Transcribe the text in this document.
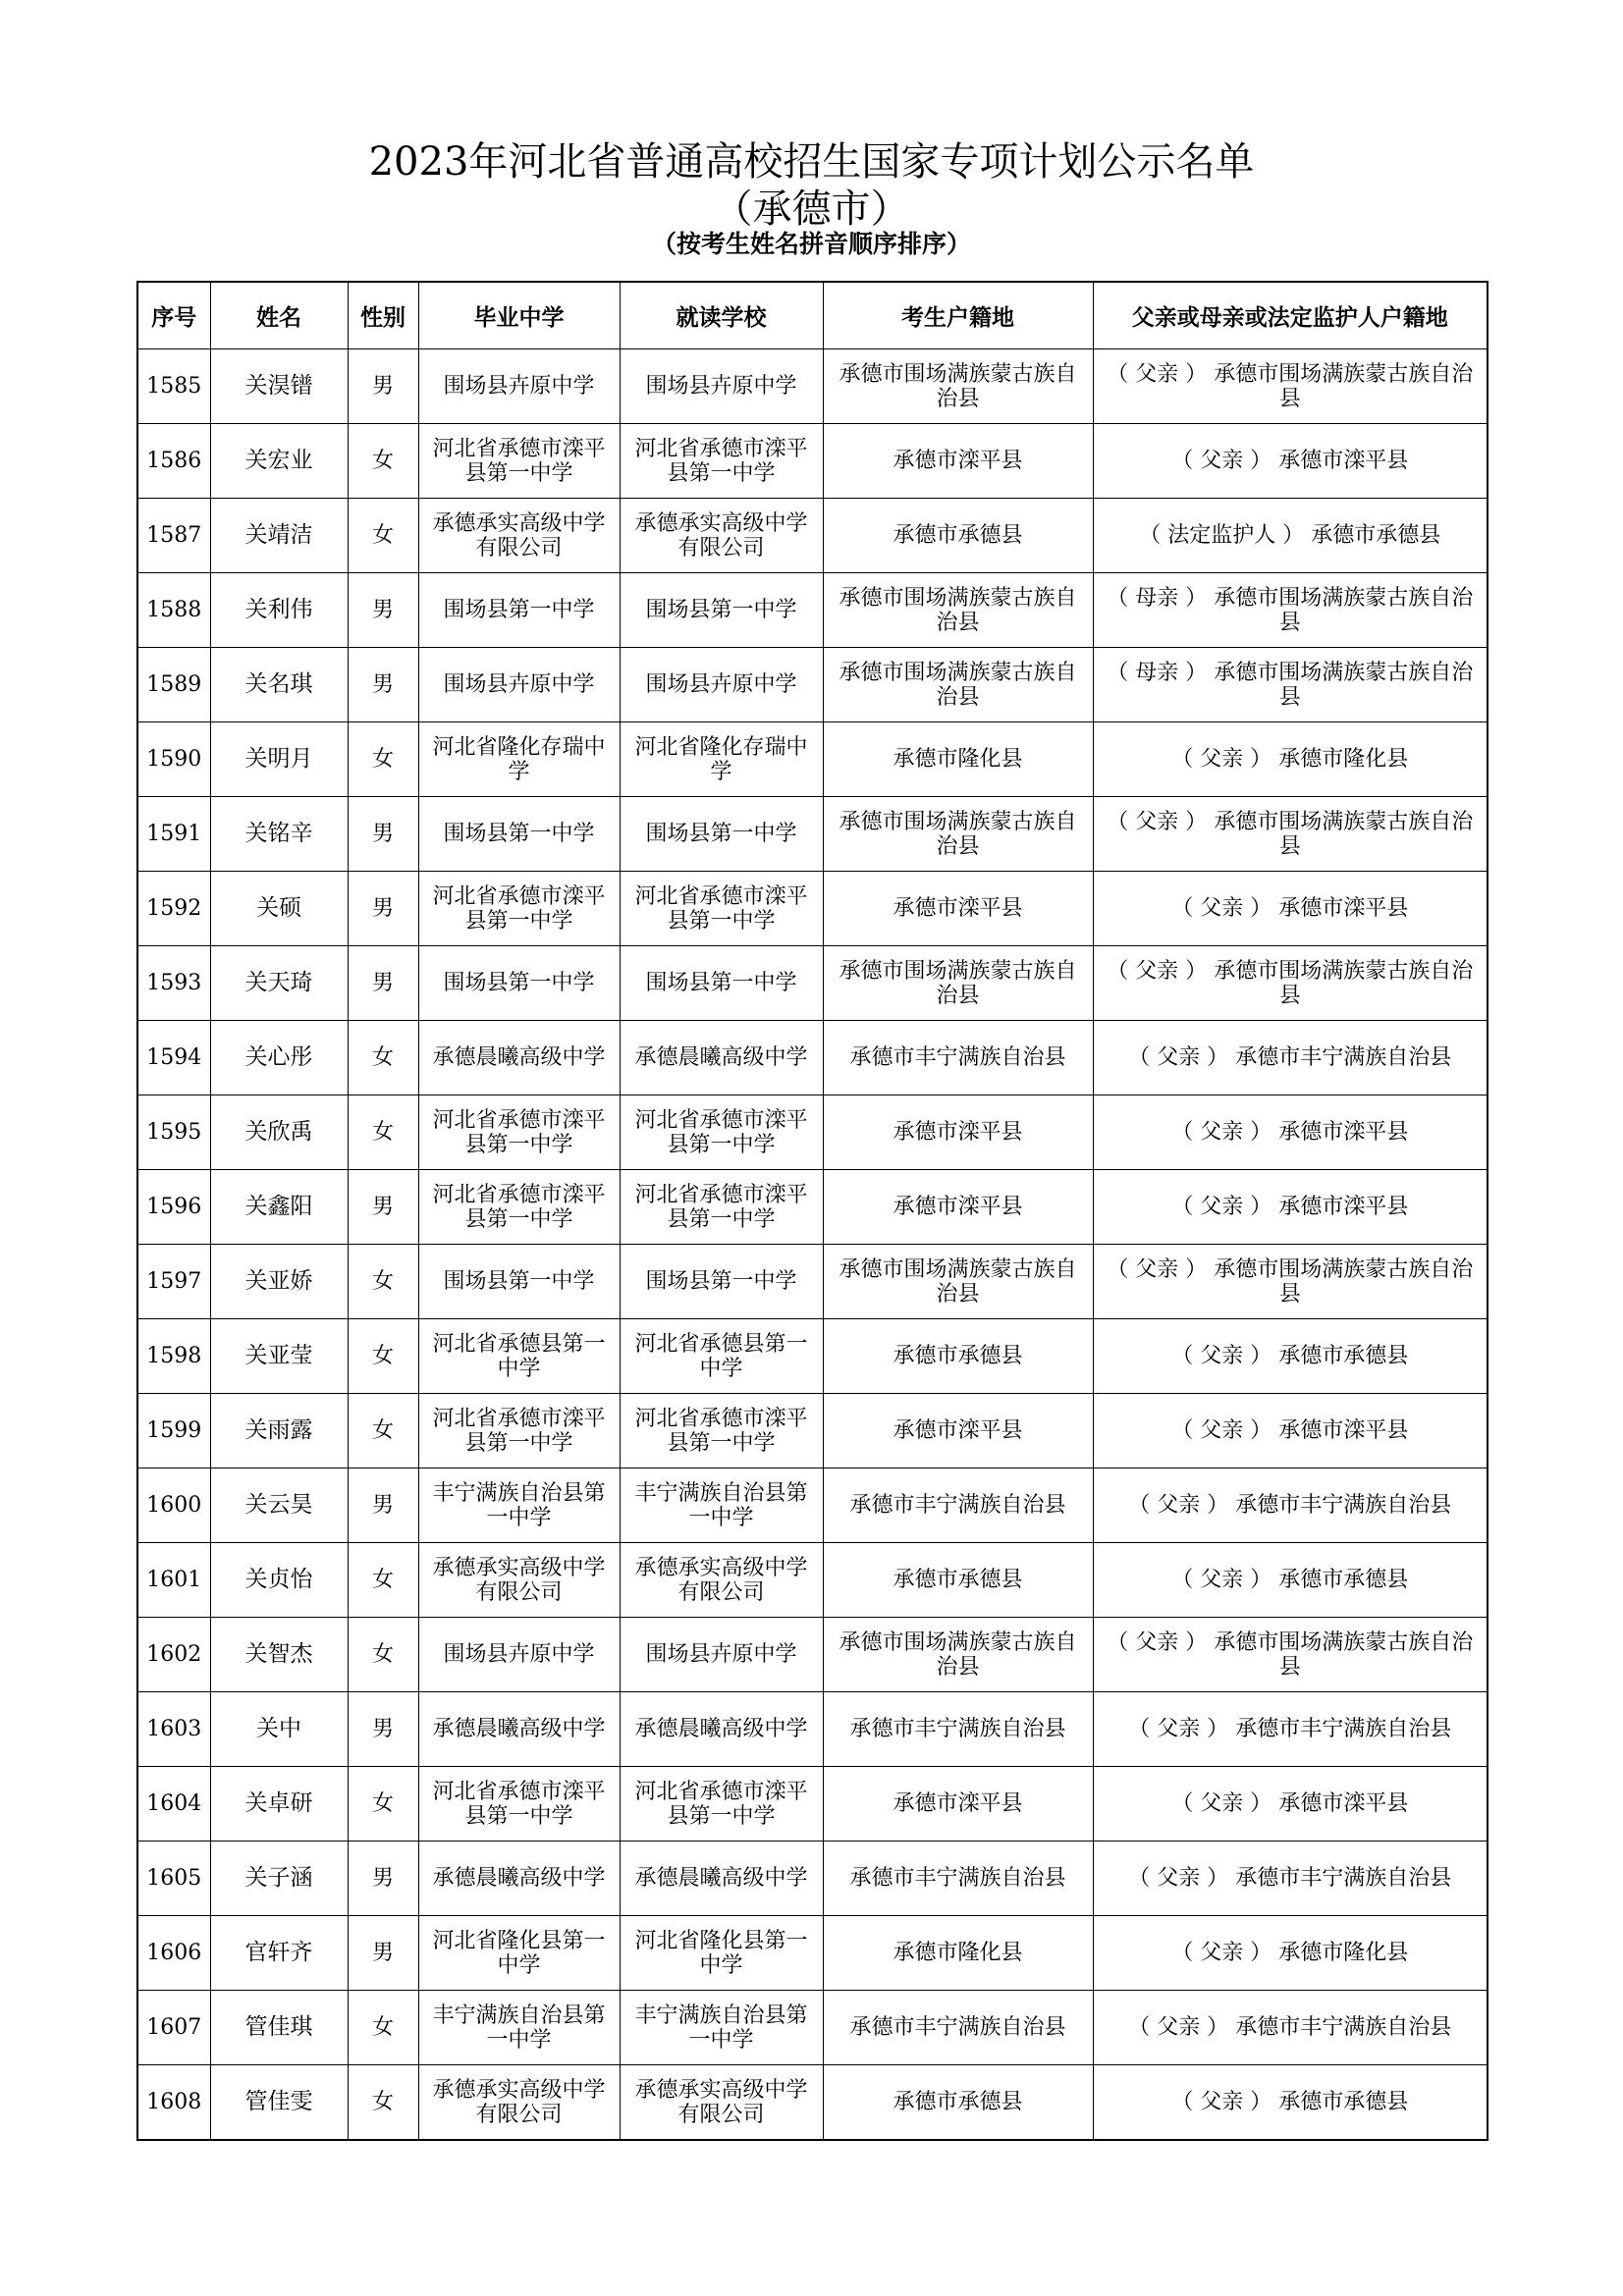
2023年河北省普通高校招生国家专项计划公示名单
（承德市）
（按考生姓名拼音顺序排序）
序号	姓名	性别	毕业中学	就读学校	考生户籍地	父亲或母亲或法定监护人户籍地
1585	关淏镨	男	围场县卉原中学	围场县卉原中学	承德市围场满族蒙古族自治县	（ 父亲 ） 承德市围场满族蒙古族自治县
1586	关宏业	女	河北省承德市滦平县第一中学	河北省承德市滦平县第一中学	承德市滦平县	（ 父亲 ） 承德市滦平县
1587	关靖洁	女	承德承实高级中学有限公司	承德承实高级中学有限公司	承德市承德县	（ 法定监护人 ） 承德市承德县
1588	关利伟	男	围场县第一中学	围场县第一中学	承德市围场满族蒙古族自治县	（ 母亲 ） 承德市围场满族蒙古族自治县
1589	关名琪	男	围场县卉原中学	围场县卉原中学	承德市围场满族蒙古族自治县	（ 母亲 ） 承德市围场满族蒙古族自治县
1590	关明月	女	河北省隆化存瑞中学	河北省隆化存瑞中学	承德市隆化县	（ 父亲 ） 承德市隆化县
1591	关铭辛	男	围场县第一中学	围场县第一中学	承德市围场满族蒙古族自治县	（ 父亲 ） 承德市围场满族蒙古族自治县
1592	关硕	男	河北省承德市滦平县第一中学	河北省承德市滦平县第一中学	承德市滦平县	（ 父亲 ） 承德市滦平县
1593	关天琦	男	围场县第一中学	围场县第一中学	承德市围场满族蒙古族自治县	（ 父亲 ） 承德市围场满族蒙古族自治县
1594	关心彤	女	承德晨曦高级中学	承德晨曦高级中学	承德市丰宁满族自治县	（ 父亲 ） 承德市丰宁满族自治县
1595	关欣禹	女	河北省承德市滦平县第一中学	河北省承德市滦平县第一中学	承德市滦平县	（ 父亲 ） 承德市滦平县
1596	关鑫阳	男	河北省承德市滦平县第一中学	河北省承德市滦平县第一中学	承德市滦平县	（ 父亲 ） 承德市滦平县
1597	关亚娇	女	围场县第一中学	围场县第一中学	承德市围场满族蒙古族自治县	（ 父亲 ） 承德市围场满族蒙古族自治县
1598	关亚莹	女	河北省承德县第一中学	河北省承德县第一中学	承德市承德县	（ 父亲 ） 承德市承德县
1599	关雨露	女	河北省承德市滦平县第一中学	河北省承德市滦平县第一中学	承德市滦平县	（ 父亲 ） 承德市滦平县
1600	关云昊	男	丰宁满族自治县第一中学	丰宁满族自治县第一中学	承德市丰宁满族自治县	（ 父亲 ） 承德市丰宁满族自治县
1601	关贞怡	女	承德承实高级中学有限公司	承德承实高级中学有限公司	承德市承德县	（ 父亲 ） 承德市承德县
1602	关智杰	女	围场县卉原中学	围场县卉原中学	承德市围场满族蒙古族自治县	（ 父亲 ） 承德市围场满族蒙古族自治县
1603	关中	男	承德晨曦高级中学	承德晨曦高级中学	承德市丰宁满族自治县	（ 父亲 ） 承德市丰宁满族自治县
1604	关卓研	女	河北省承德市滦平县第一中学	河北省承德市滦平县第一中学	承德市滦平县	（ 父亲 ） 承德市滦平县
1605	关子涵	男	承德晨曦高级中学	承德晨曦高级中学	承德市丰宁满族自治县	（ 父亲 ） 承德市丰宁满族自治县
1606	官轩齐	男	河北省隆化县第一中学	河北省隆化县第一中学	承德市隆化县	（ 父亲 ） 承德市隆化县
1607	管佳琪	女	丰宁满族自治县第一中学	丰宁满族自治县第一中学	承德市丰宁满族自治县	（ 父亲 ） 承德市丰宁满族自治县
1608	管佳雯	女	承德承实高级中学有限公司	承德承实高级中学有限公司	承德市承德县	（ 父亲 ） 承德市承德县
